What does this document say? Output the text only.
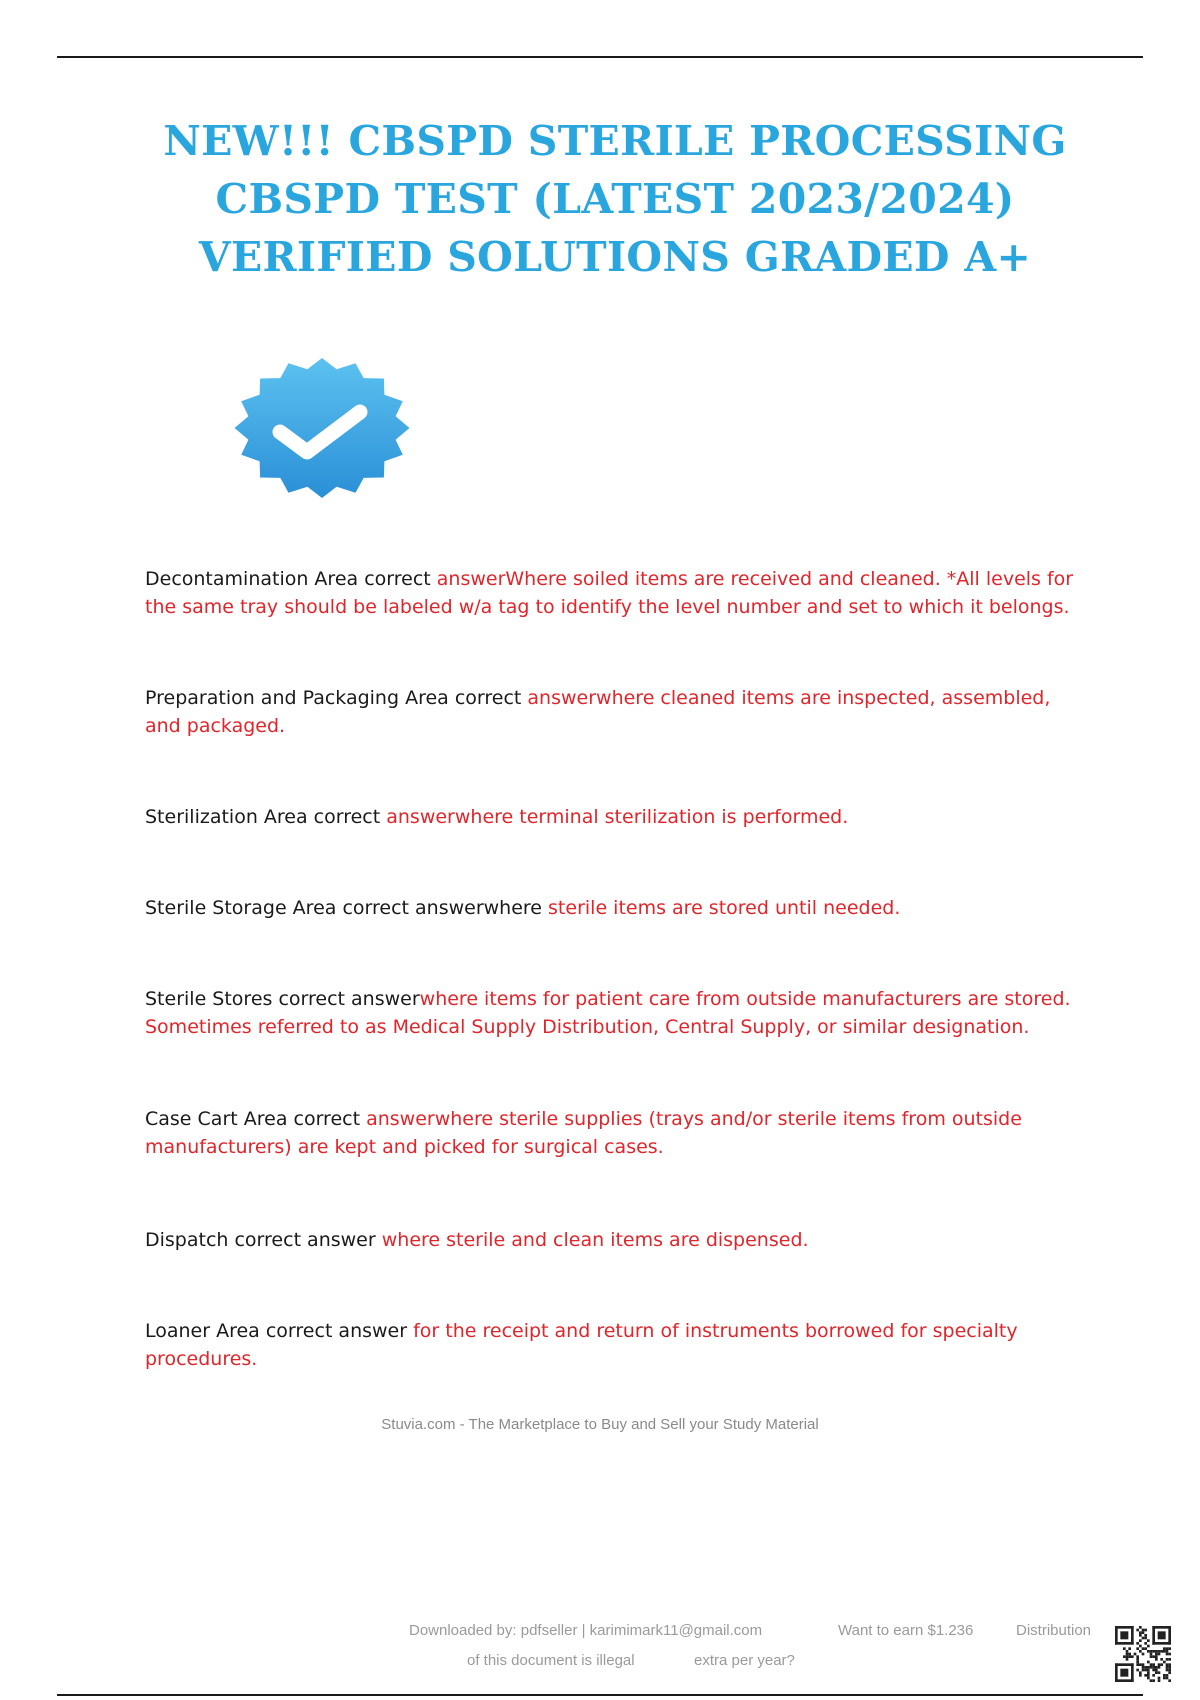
NEW!!! CBSPD STERILE PROCESSING CBSPD TEST (LATEST 2023/2024) VERIFIED SOLUTIONS GRADED A+
Decontamination Area correct answerWhere soiled items are received and cleaned. *All levels for the same tray should be labeled w/a tag to identify the level number and set to which it belongs.
Preparation and Packaging Area correct answerwhere cleaned items are inspected, assembled, and packaged.
Sterilization Area correct answerwhere terminal sterilization is performed.
Sterile Storage Area correct answerwhere sterile items are stored until needed.
Sterile Stores correct answerwhere items for patient care from outside manufacturers are stored. Sometimes referred to as Medical Supply Distribution, Central Supply, or similar designation.
Case Cart Area correct answerwhere sterile supplies (trays and/or sterile items from outside manufacturers) are kept and picked for surgical cases.
Dispatch correct answer where sterile and clean items are dispensed.
Loaner Area correct answer for the receipt and return of instruments borrowed for specialty procedures.
Stuvia.com - The Marketplace to Buy and Sell your Study Material
Downloaded by: pdfseller | karimimark11@gmail.com	Want to earn $1.236	Distribution
of this document is illegal	extra per year?
